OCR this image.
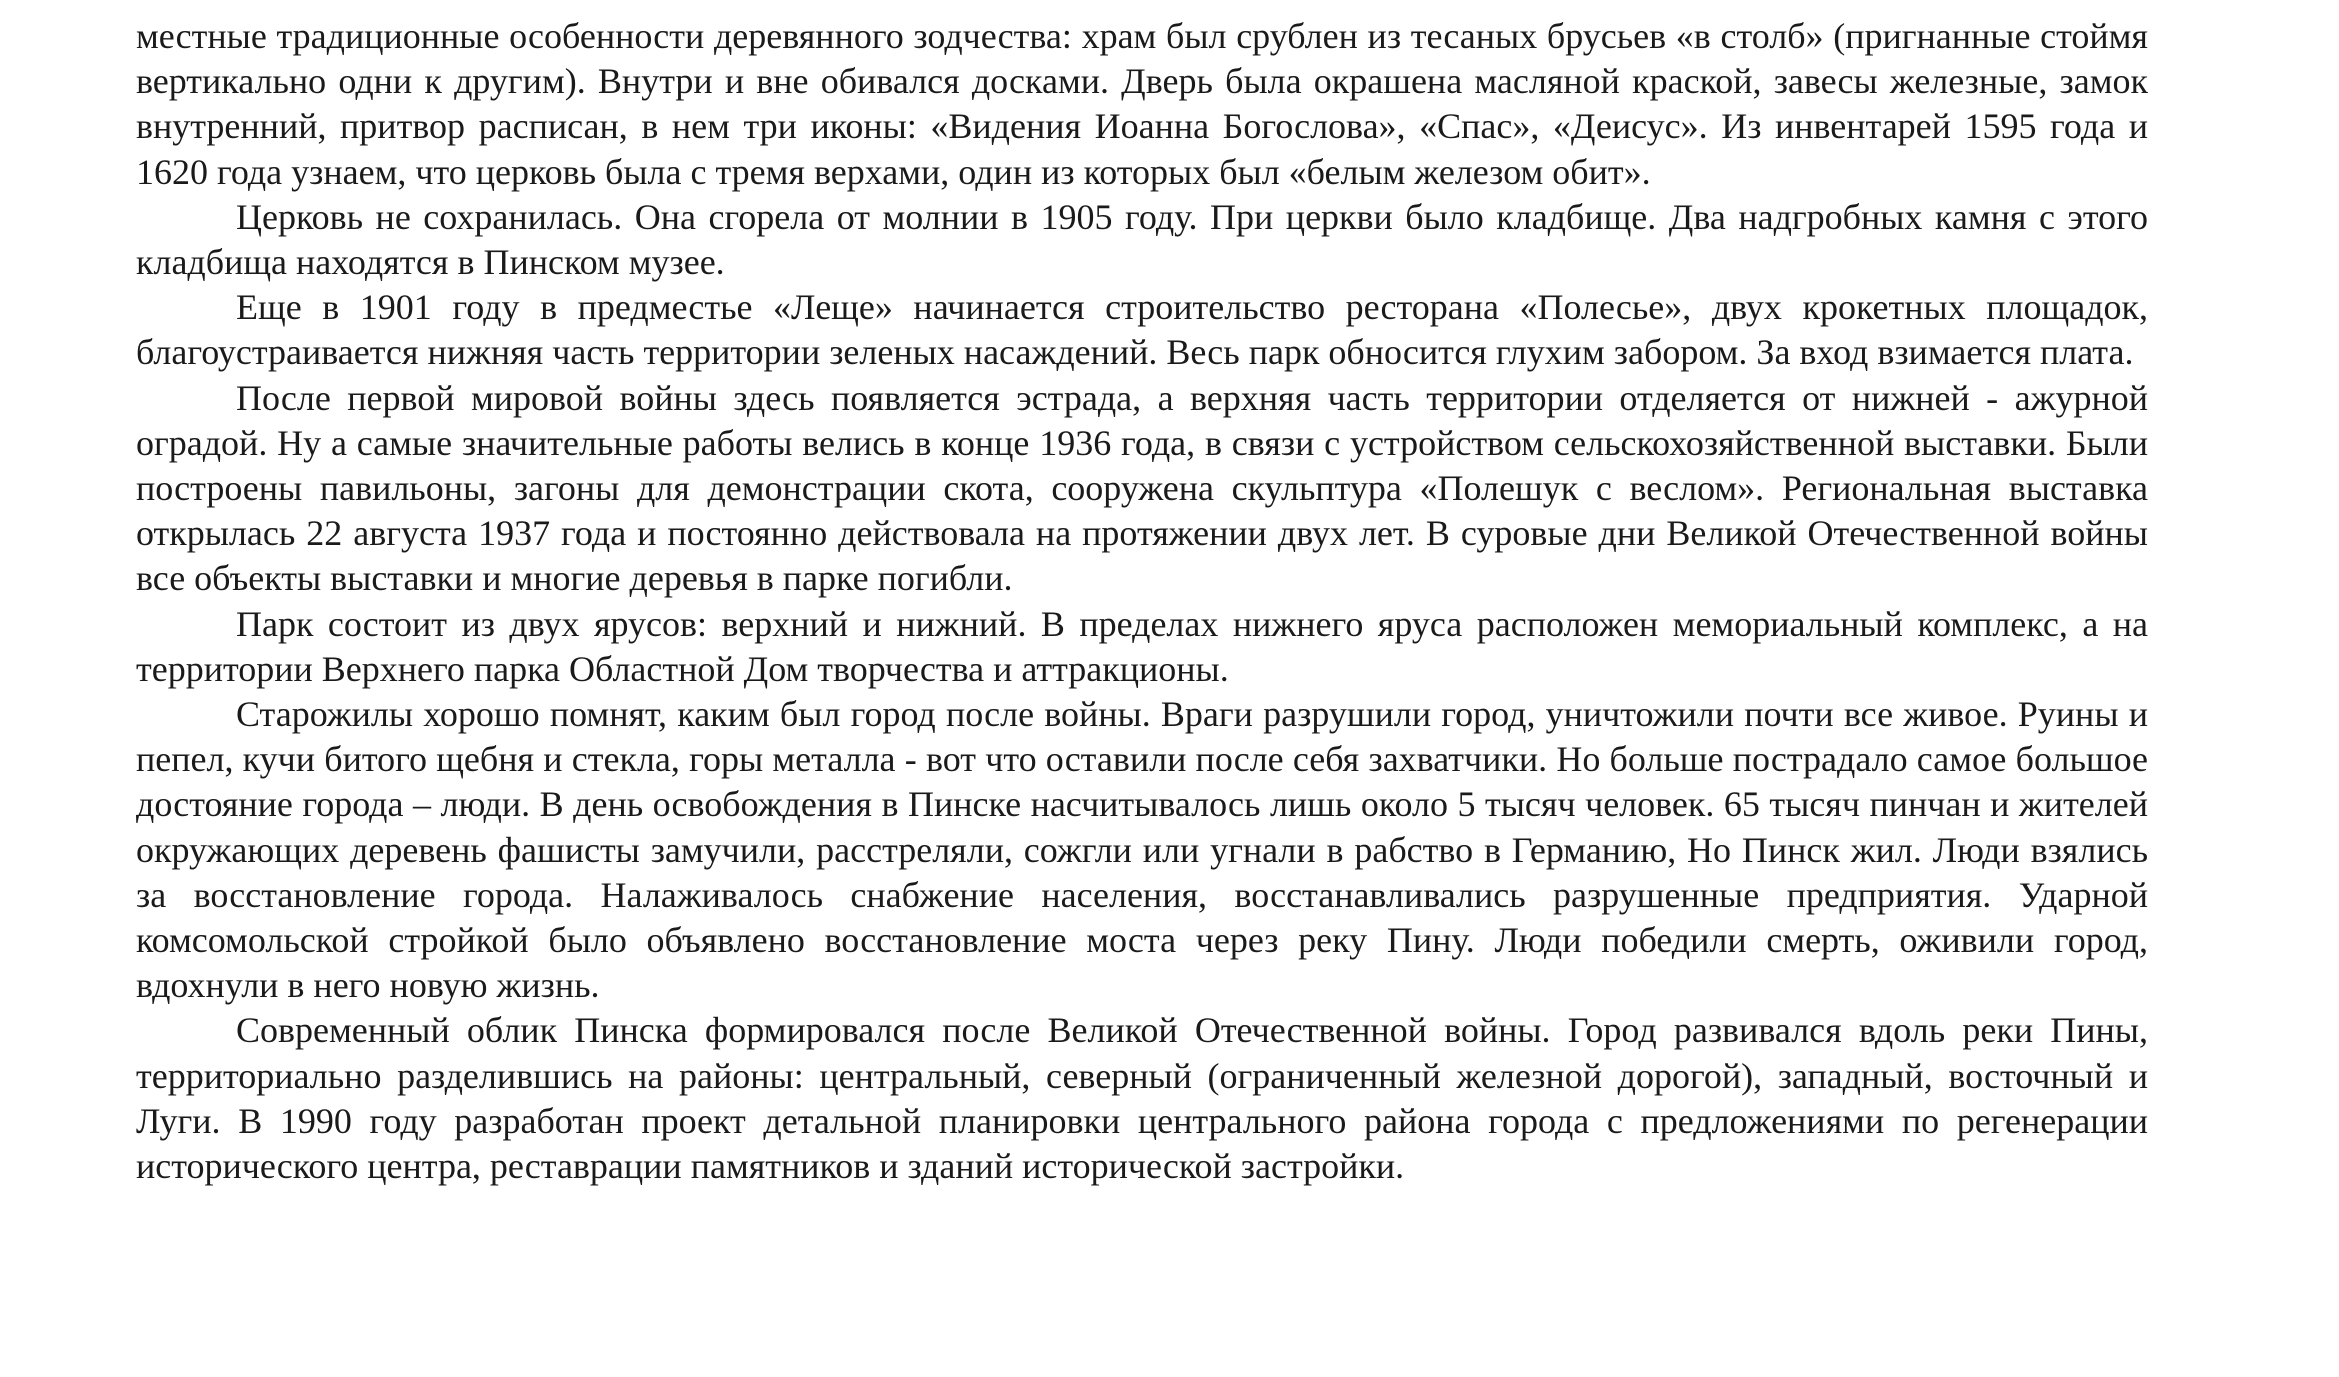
местные традиционные особенности деревянного зодчества: храм был срублен из тесаных брусьев «в столб» (пригнанные стоймя вертикально одни к другим). Внутри и вне обивался досками. Дверь была окрашена масляной краской, завесы железные, замок внутренний, притвор расписан, в нем три иконы: «Видения Иоанна Богослова», «Спас», «Деисус». Из инвентарей 1595 года и 1620 года узнаем, что церковь была с тремя верхами, один из которых был «белым железом обит».

Церковь не сохранилась. Она сгорела от молнии в 1905 году. При церкви было кладбище. Два надгробных камня с этого кладбища находятся в Пинском музее.

Еще в 1901 году в предместье «Леще» начинается строительство ресторана «Полесье», двух крокетных площадок, благоустраивается нижняя часть территории зеленых насаждений. Весь парк обносится глухим забором. За вход взимается плата.

После первой мировой войны здесь появляется эстрада, а верхняя часть территории отделяется от нижней - ажурной оградой. Ну а самые значительные работы велись в конце 1936 года, в связи с устройством сельскохозяйственной выставки. Были построены павильоны, загоны для демонстрации скота, сооружена скульптура «Полешук с веслом». Региональная выставка открылась 22 августа 1937 года и постоянно действовала на протяжении двух лет. В суровые дни Великой Отечественной войны все объекты выставки и многие деревья в парке погибли.

Парк состоит из двух ярусов: верхний и нижний. В пределах нижнего яруса расположен мемориальный комплекс, а на территории Верхнего парка Областной Дом творчества и аттракционы.

Старожилы хорошо помнят, каким был город после войны. Враги разрушили город, уничтожили почти все живое. Руины и пепел, кучи битого щебня и стекла, горы металла - вот что оставили после себя захватчики. Но больше пострадало самое большое достояние города – люди. В день освобождения в Пинске насчитывалось лишь около 5 тысяч человек. 65 тысяч пинчан и жителей окружающих деревень фашисты замучили, расстреляли, сожгли или угнали в рабство в Германию, Но Пинск жил. Люди взялись за восстановление города. Налаживалось снабжение населения, восстанавливались разрушенные предприятия. Ударной комсомольской стройкой было объявлено восстановление моста через реку Пину. Люди победили смерть, оживили город, вдохнули в него новую жизнь.

Современный облик Пинска формировался после Великой Отечественной войны. Город развивался вдоль реки Пины, территориально разделившись на районы: центральный, северный (ограниченный железной дорогой), западный, восточный и Луги. В 1990 году разработан проект детальной планировки центрального района города с предложениями по регенерации исторического центра, реставрации памятников и зданий исторической застройки.
